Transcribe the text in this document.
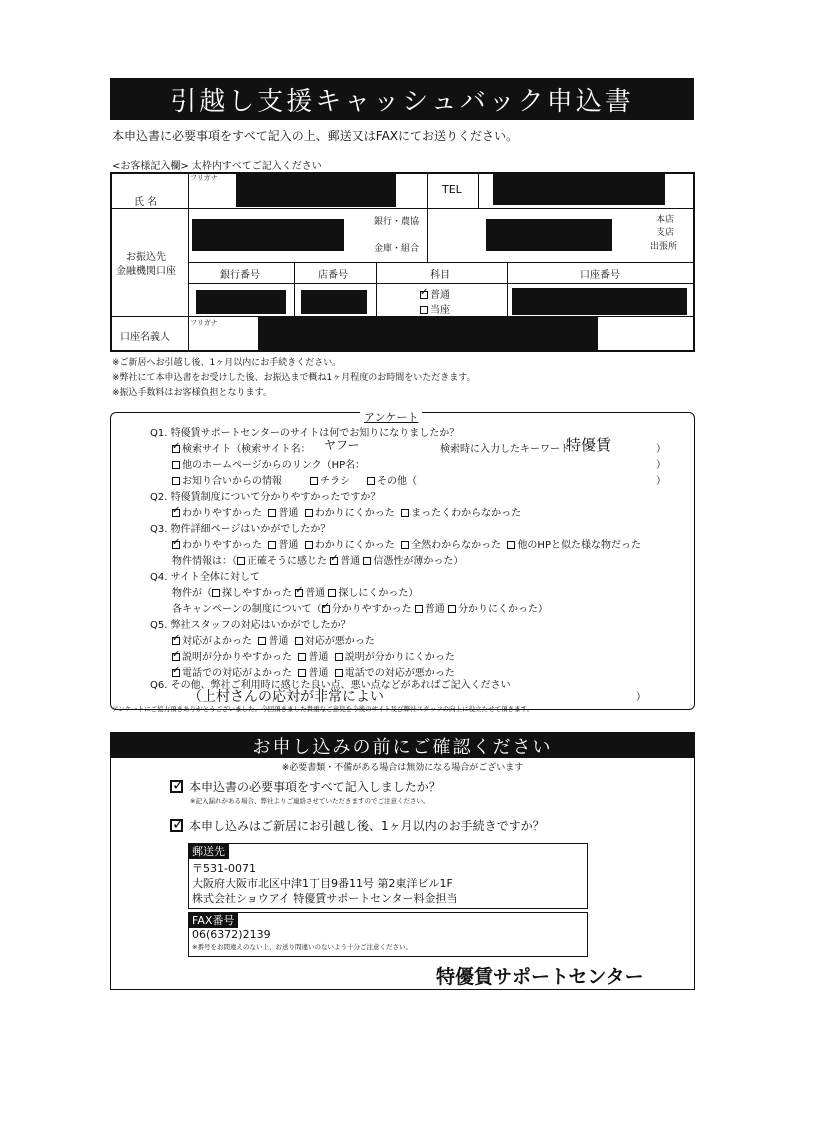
引越し支援キャッシュバック申込書
本申込書に必要事項をすべて記入の上、郵送又はFAXにてお送りください。
<お客様記入欄> 太枠内すべてご記入ください
フリガナ
氏 名
TEL
お振込先
金融機関口座
銀行・農協
金庫・組合
本店
支店
出張所
銀行番号	店番号	科目	口座番号
✓普通
当座
フリガナ
口座名義人
※ご新居へお引越し後、1ヶ月以内にお手続きください。
※弊社にて本申込書をお受けした後、お振込まで概ね1ヶ月程度のお時間をいただきます。
※振込手数料はお客様負担となります。
アンケート
Q1. 特優賃サポートセンターのサイトは何でお知りになりましたか？
✓検索サイト（検索サイト名： ヤフー	検索時に入力したキーワード：
特優賃	）
他のホームページからのリンク（HP名：	）
お知り合いからの情報	チラシ	その他（	）
Q2. 特優賃制度について分かりやすかったですか？
✓わかりやすかった 普通 わかりにくかった まったくわからなかった
Q3. 物件詳細ページはいかがでしたか？
✓わかりやすかった 普通 わかりにくかった 全然わからなかった 他のHPと似た様な物だった
物件情報は：（ 正確そうに感じた ✓ 普通 信憑性が薄かった）
Q4. サイト全体に対して
物件が（ 探しやすかった ✓ 普通 探しにくかった）
各キャンペーンの制度について（ ✓ 分かりやすかった 普通 分かりにくかった）
Q5. 弊社スタッフの対応はいかがでしたか？
✓対応がよかった 普通 対応が悪かった
✓説明が分かりやすかった 普通 説明が分かりにくかった
✓電話での対応がよかった 普通 電話での対応が悪かった
Q6. その他、弊社ご利用時に感じた良い点、悪い点などがあればご記入ください
（上村さんの応対が非常によい	）
アンケートにご協力頂きありがとうございました。今回頂きました貴重なご意見を今後のサイト及び弊社スタッフの向上に役立たせて頂きます。
お申し込みの前にご確認ください
※必要書類・不備がある場合は無効になる場合がございます
✓本申込書の必要事項をすべて記入しましたか？
※記入漏れがある場合、弊社よりご連絡させていただきますのでご注意ください。
✓本申し込みはご新居にお引越し後、1ヶ月以内のお手続きですか？
郵送先
〒531-0071
大阪府大阪市北区中津1丁目9番11号 第2東洋ビル1F
株式会社ショウアイ 特優賃サポートセンター料金担当
FAX番号
06(6372)2139
※番号をお間違えのない上、お送り間違いのないよう十分ご注意ください。
特優賃サポートセンター
